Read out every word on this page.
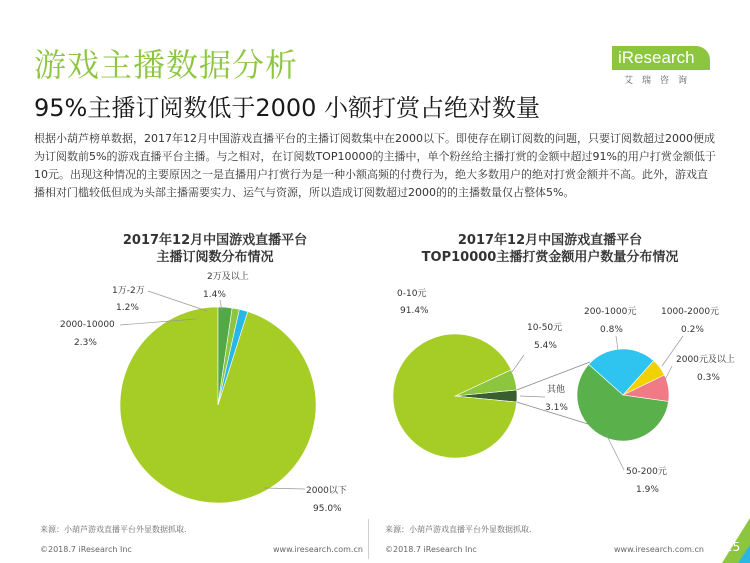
游戏主播数据分析
95%主播订阅数低于2000 小额打赏占绝对数量
iResearch
艾瑞咨询
根据小葫芦榜单数据，2017年12月中国游戏直播平台的主播订阅数集中在2000以下。即使存在刷订阅数的问题，只要订阅数超过2000便成为订阅数前5%的游戏直播平台主播。与之相对，在订阅数TOP10000的主播中，单个粉丝给主播打赏的金额中超过91%的用户打赏金额低于10元。出现这种情况的主要原因之一是直播用户打赏行为是一种小额高频的付费行为，绝大多数用户的绝对打赏金额并不高。此外，游戏直播相对门槛较低但成为头部主播需要实力、运气与资源，所以造成订阅数超过2000的的主播数量仅占整体5%。
2017年12月中国游戏直播平台
主播订阅数分布情况
2017年12月中国游戏直播平台
TOP10000主播打赏金额用户数量分布情况
2万及以上
1.4%
1万-2万
1.2%
2000-10000
2.3%
2000以下
95.0%
0-10元
91.4%
10-50元
5.4%
其他
3.1%
200-1000元
0.8%
1000-2000元
0.2%
2000元及以上
0.3%
50-200元
1.9%
来源：小葫芦游戏直播平台外显数据抓取.	来源：小葫芦游戏直播平台外显数据抓取.
©2018.7 iResearch Inc	www.iresearch.com.cn	©2018.7 iResearch Inc	www.iresearch.com.cn 25
